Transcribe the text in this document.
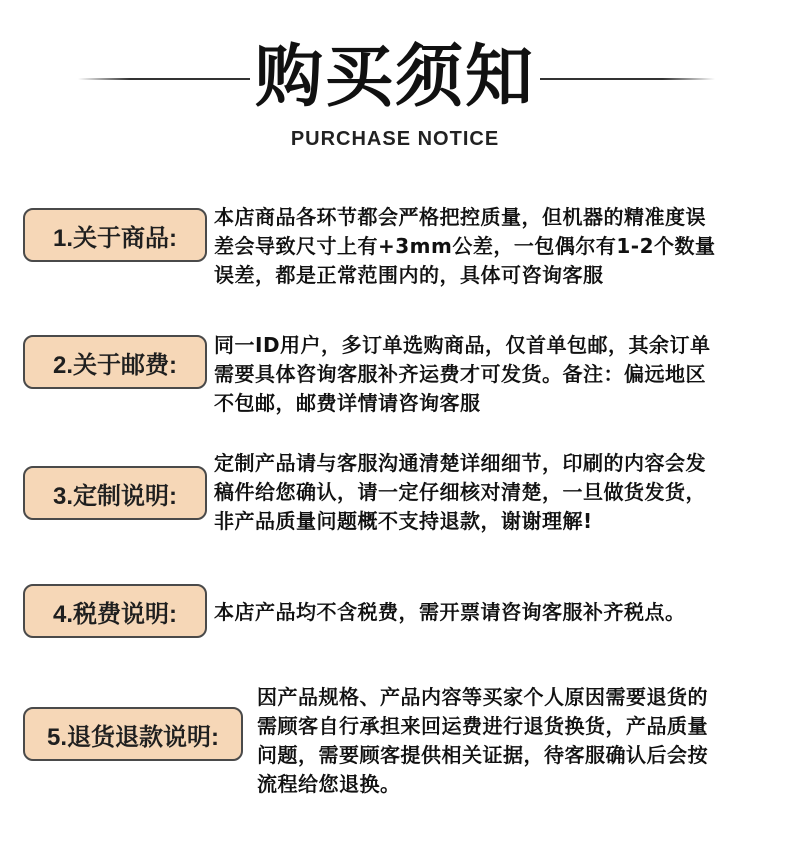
购买须知
PURCHASE NOTICE
1.关于商品:
本店商品各环节都会严格把控质量，但机器的精准度误
差会导致尺寸上有+3mm公差，一包偶尔有1-2个数量
误差，都是正常范围内的，具体可咨询客服
2.关于邮费:
同一ID用户，多订单选购商品，仅首单包邮，其余订单
需要具体咨询客服补齐运费才可发货。备注：偏远地区
不包邮，邮费详情请咨询客服
3.定制说明:
定制产品请与客服沟通清楚详细细节，印刷的内容会发
稿件给您确认，请一定仔细核对清楚，一旦做货发货，
非产品质量问题概不支持退款，谢谢理解!
4.税费说明:	本店产品均不含税费，需开票请咨询客服补齐税点。
5.退货退款说明:
因产品规格、产品内容等买家个人原因需要退货的
需顾客自行承担来回运费进行退货换货，产品质量
问题，需要顾客提供相关证据，待客服确认后会按
流程给您退换。
